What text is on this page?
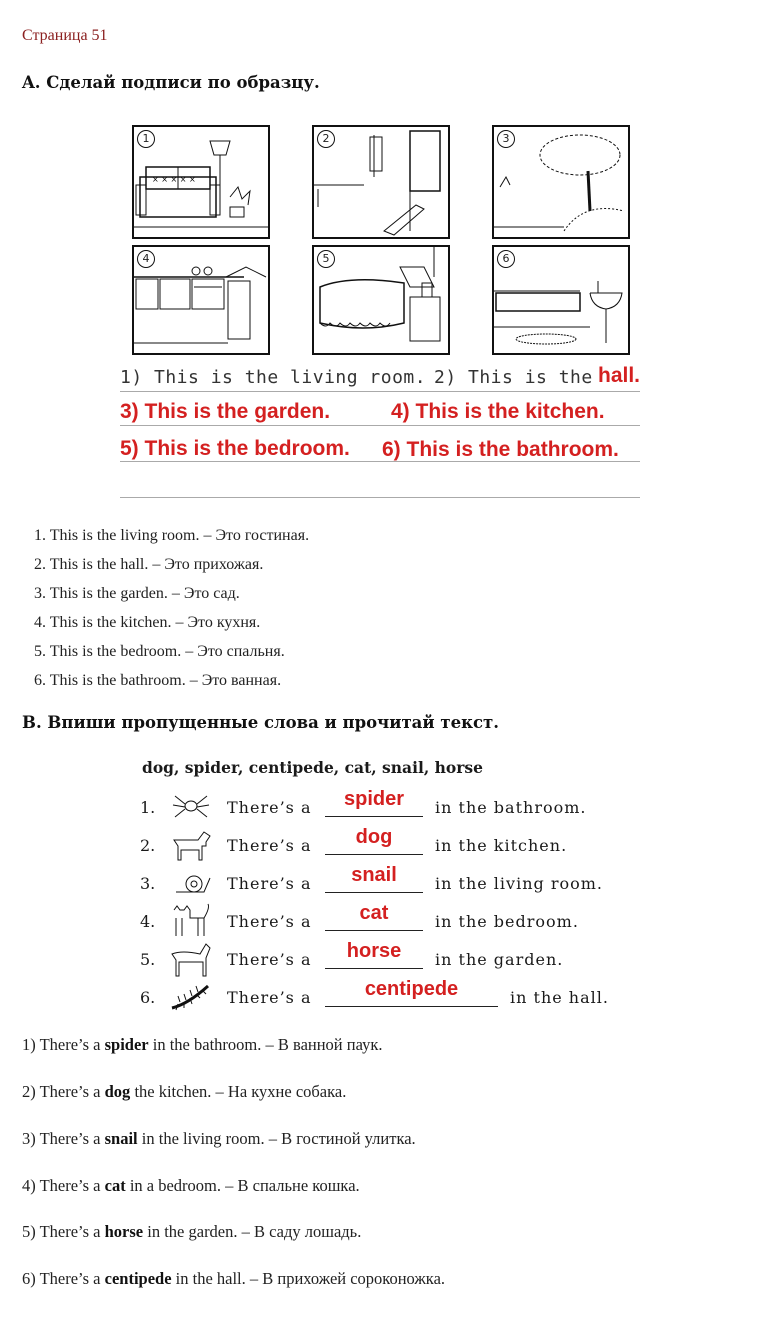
Страница 51
A. Сделай подписи по образцу.
× × × × ×
1	2	3
4	5	6
1) This is the living room. 2) This is the hall.
3) This is the garden.	4) This is the kitchen.
5) This is the bedroom. 6) This is the bathroom.
1. This is the living room. – Это гостиная.
2. This is the hall. – Это прихожая.
3. This is the garden. – Это сад.
4. This is the kitchen. – Это кухня.
5. This is the bedroom. – Это спальня.
6. This is the bathroom. – Это ванная.
B. Впиши пропущенные слова и прочитай текст.
dog, spider, centipede, cat, snail, horse
1.	There’s a	spider	in the bathroom.
2.	There’s a	dog	in the kitchen.
3.	There’s a	snail	in the living room.
4.	There’s a	cat	in the bedroom.
5.	There’s a	horse	in the garden.
6.	There’s a	centipede	in the hall.
1) There’s a spider in the bathroom. – В ванной паук.
2) There’s a dog the kitchen. – На кухне собака.
3) There’s a snail in the living room. – В гостиной улитка.
4) There’s a cat in a bedroom. – В спальне кошка.
5) There’s a horse in the garden. – В саду лошадь.
6) There’s a centipede in the hall. – В прихожей сороконожка.
